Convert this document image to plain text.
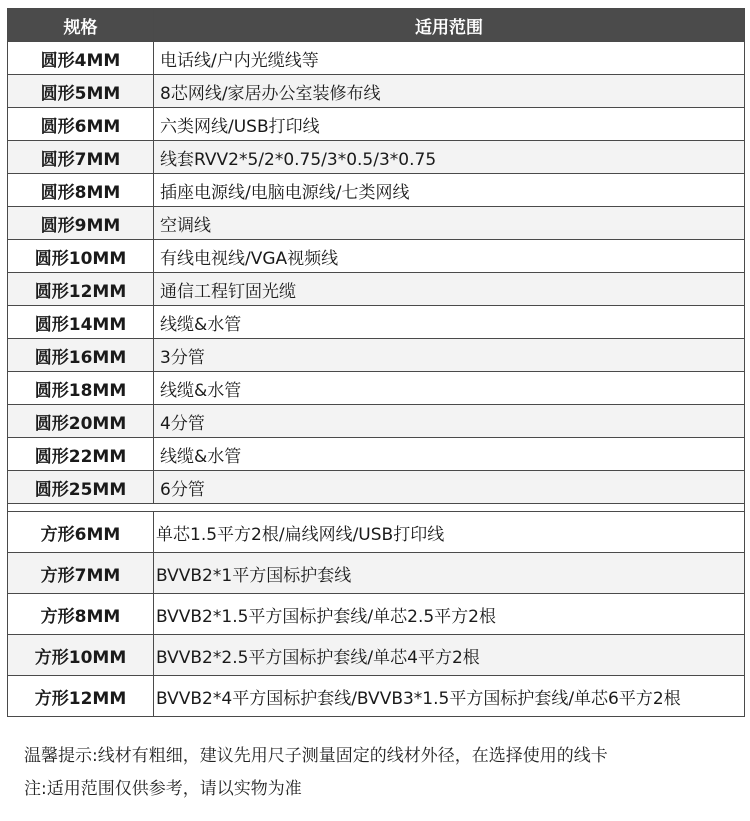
规格	适用范围
圆形4MM	电话线/户内光缆线等
圆形5MM	8芯网线/家居办公室装修布线
圆形6MM	六类网线/USB打印线
圆形7MM	线套RVV2*5/2*0.75/3*0.5/3*0.75
圆形8MM	插座电源线/电脑电源线/七类网线
圆形9MM	空调线
圆形10MM	有线电视线/VGA视频线
圆形12MM	通信工程钉固光缆
圆形14MM	线缆&水管
圆形16MM	3分管
圆形18MM	线缆&水管
圆形20MM	4分管
圆形22MM	线缆&水管
圆形25MM	6分管

方形6MM	单芯1.5平方2根/扁线网线/USB打印线
方形7MM	BVVB2*1平方国标护套线
方形8MM	BVVB2*1.5平方国标护套线/单芯2.5平方2根
方形10MM	BVVB2*2.5平方国标护套线/单芯4平方2根
方形12MM	BVVB2*4平方国标护套线/BVVB3*1.5平方国标护套线/单芯6平方2根
温馨提示:线材有粗细，建议先用尺子测量固定的线材外径，在选择使用的线卡
注:适用范围仅供参考，请以实物为准
